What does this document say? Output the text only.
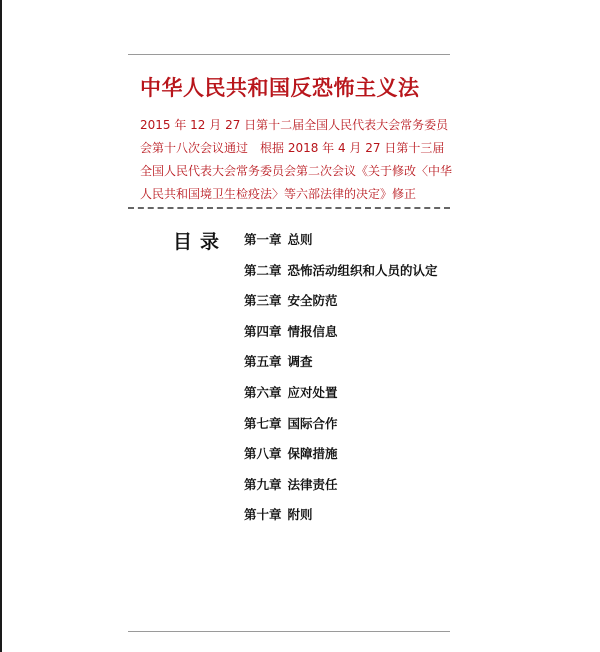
中华人民共和国反恐怖主义法

2015 年 12 月 27 日第十二届全国人民代表大会常务委员会第十八次会议通过　根据 2018 年 4 月 27 日第十三届全国人民代表大会常务委员会第二次会议《关于修改〈中华人民共和国境卫生检疫法〉等六部法律的决定》修正

目录 第一章 总则
第二章 恐怖活动组织和人员的认定
第三章 安全防范
第四章 情报信息
第五章 调查
第六章 应对处置
第七章 国际合作
第八章 保障措施
第九章 法律责任
第十章 附则
